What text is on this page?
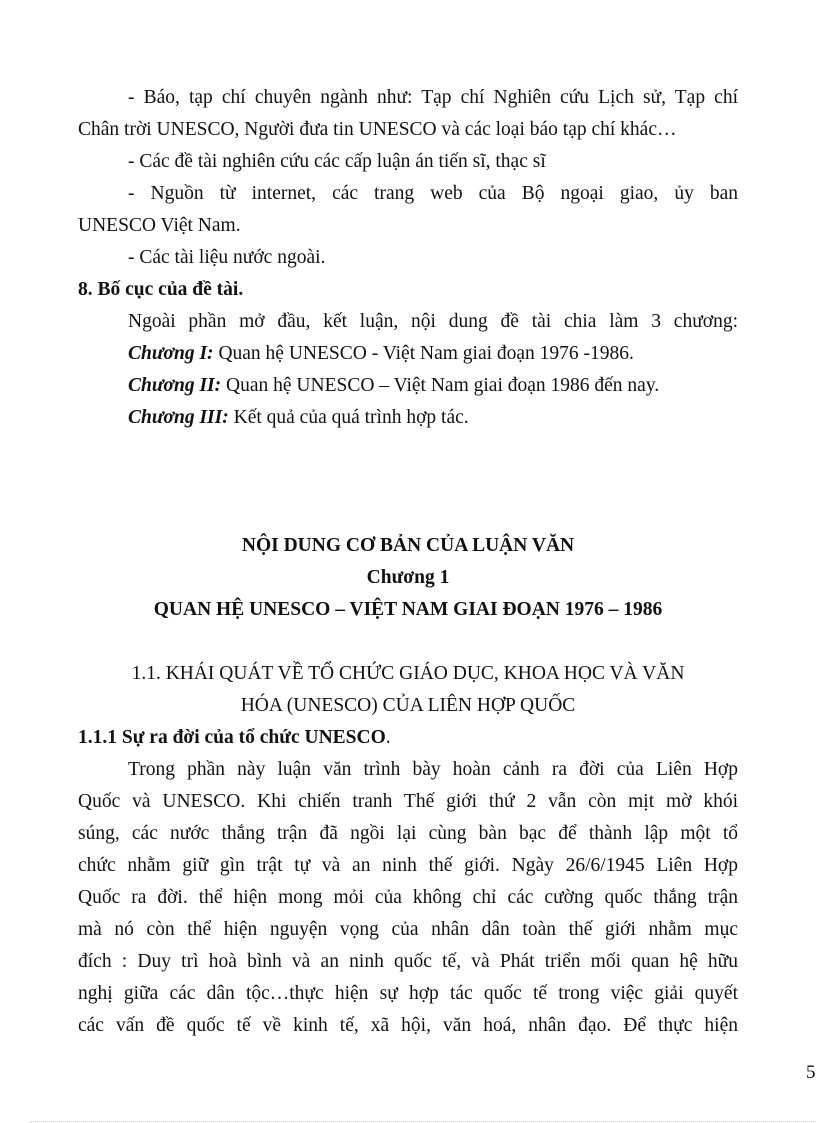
- Báo, tạp chí chuyên ngành như: Tạp chí Nghiên cứu Lịch sử, Tạp chí
Chân trời UNESCO, Người đưa tin UNESCO và các loại báo tạp chí khác…
- Các đề tài nghiên cứu các cấp luận án tiến sĩ, thạc sĩ
- Nguồn từ internet, các trang web của Bộ ngoại giao, ủy ban
UNESCO Việt Nam.
- Các tài liệu nước ngoài.
8. Bố cục của đề tài.
Ngoài phần mở đầu, kết luận, nội dung đề tài chia làm 3 chương:
Chương I: Quan hệ UNESCO - Việt Nam giai đoạn 1976 -1986.
Chương II: Quan hệ UNESCO – Việt Nam giai đoạn 1986 đến nay.
Chương III: Kết quả của quá trình hợp tác.
NỘI DUNG CƠ BẢN CỦA LUẬN VĂN
Chương 1
QUAN HỆ UNESCO – VIỆT NAM GIAI ĐOẠN 1976 – 1986
1.1. KHÁI QUÁT VỀ TỔ CHỨC GIÁO DỤC, KHOA HỌC VÀ VĂN
HÓA (UNESCO) CỦA LIÊN HỢP QUỐC
1.1.1 Sự ra đời của tổ chức UNESCO.
Trong phần này luận văn trình bày hoàn cảnh ra đời của Liên Hợp
Quốc và UNESCO. Khi chiến tranh Thế giới thứ 2 vẫn còn mịt mờ khói
súng, các nước thắng trận đã ngồi lại cùng bàn bạc để thành lập một tổ
chức nhằm giữ gìn trật tự và an ninh thế giới. Ngày 26/6/1945 Liên Hợp
Quốc ra đời. thể hiện mong mỏi của không chỉ các cường quốc thắng trận
mà nó còn thể hiện nguyện vọng của nhân dân toàn thế giới nhằm mục
đích : Duy trì hoà bình và an ninh quốc tế, và Phát triển mối quan hệ hữu
nghị giữa các dân tộc…thực hiện sự hợp tác quốc tế trong việc giải quyết
các vấn đề quốc tế về kinh tế, xã hội, văn hoá, nhân đạo. Để thực hiện
5
